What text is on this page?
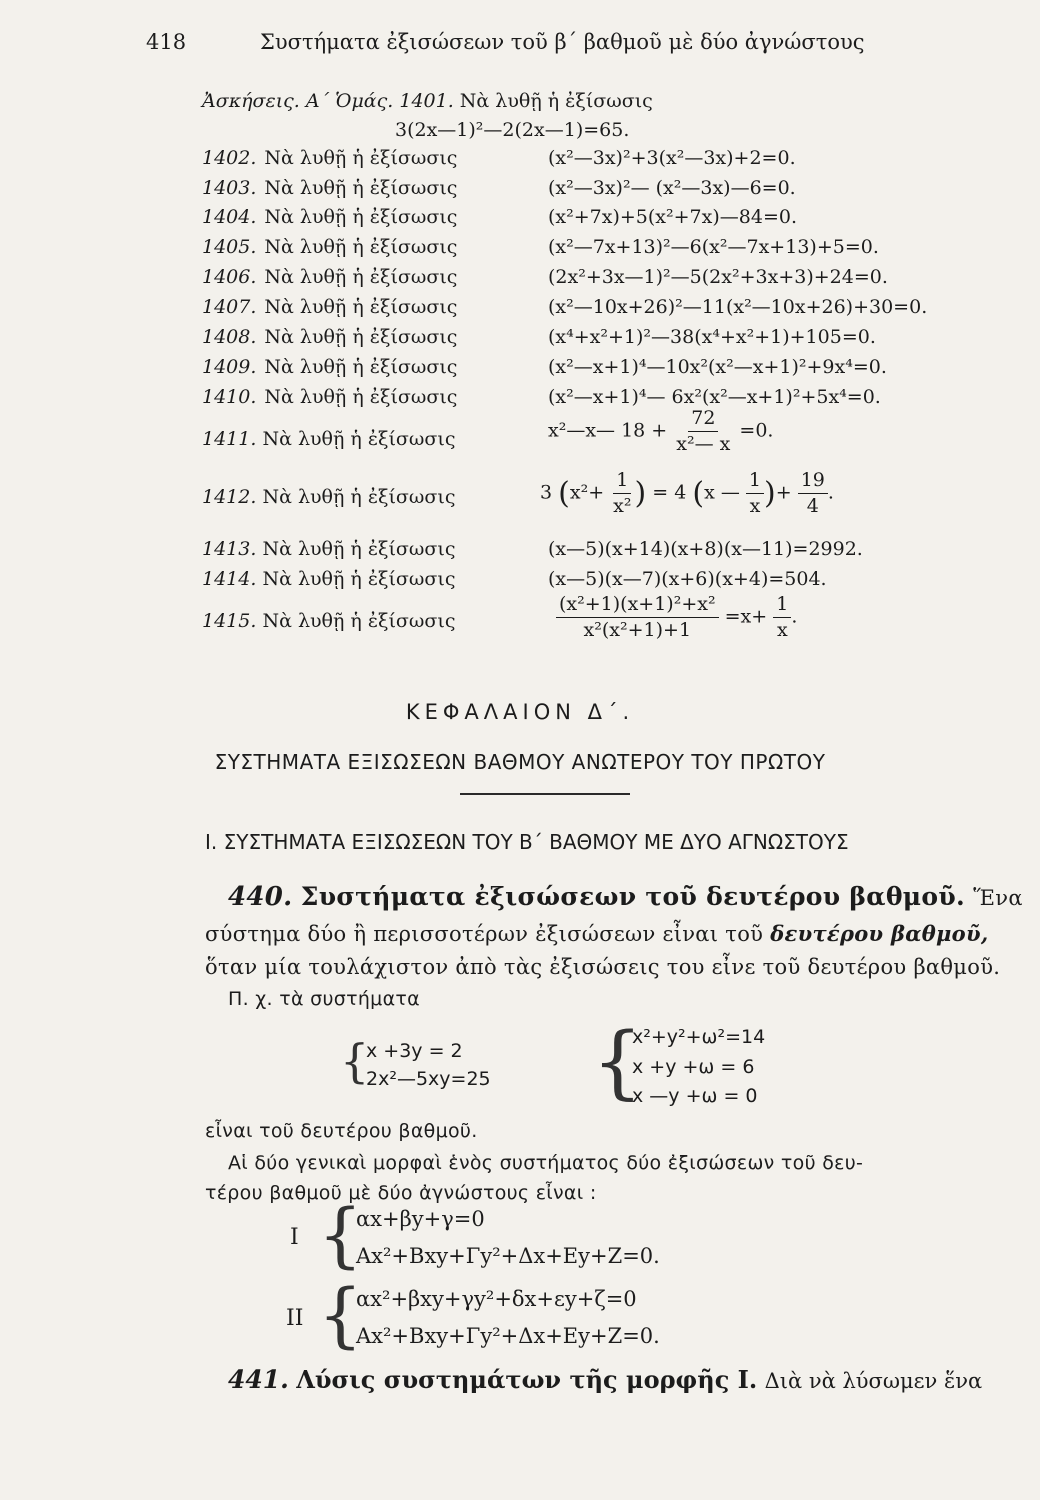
418	Συστήματα ἐξισώσεων τοῦ β΄ βαθμοῦ μὲ δύο ἀγνώστους
Ἀσκήσεις. Α΄ Ὁμάς. 1401. Νὰ λυθῇ ἡ ἐξίσωσις
3(2x—1)²—2(2x—1)=65.
1402. Νὰ λυθῇ ἡ ἐξίσωσις	(x²—3x)²+3(x²—3x)+2=0.
1403. Νὰ λυθῇ ἡ ἐξίσωσις	(x²—3x)²— (x²—3x)—6=0.
1404. Νὰ λυθῇ ἡ ἐξίσωσις	(x²+7x)+5(x²+7x)—84=0.
1405. Νὰ λυθῇ ἡ ἐξίσωσις	(x²—7x+13)²—6(x²—7x+13)+5=0.
1406. Νὰ λυθῇ ἡ ἐξίσωσις	(2x²+3x—1)²—5(2x²+3x+3)+24=0.
1407. Νὰ λυθῇ ἡ ἐξίσωσις	(x²—10x+26)²—11(x²—10x+26)+30=0.
1408. Νὰ λυθῇ ἡ ἐξίσωσις	(x⁴+x²+1)²—38(x⁴+x²+1)+105=0.
1409. Νὰ λυθῇ ἡ ἐξίσωσις	(x²—x+1)⁴—10x²(x²—x+1)²+9x⁴=0.
1410. Νὰ λυθῇ ἡ ἐξίσωσις	(x²—x+1)⁴— 6x²(x²—x+1)²+5x⁴=0.
1411. Νὰ λυθῇ ἡ ἐξίσωσις	x²—x— $18 + \frac{72}{\text{x²— x}} =0$.
1412. Νὰ λυθῇ ἡ ἐξίσωσις	3 ($x^2+ \frac{1}{\text{x²}}$ ) = 4 (x — $\frac{1}{x}$ )+ $\frac{19}{4}$ .
1413. Νὰ λυθῇ ἡ ἐξίσωσις	(x—5)(x+14)(x+8)(x—11)=2992.
1414. Νὰ λυθῇ ἡ ἐξίσωσις	(x—5)(x—7)(x+6)(x+4)=504.
1415. Νὰ λυθῇ ἡ ἐξίσωσις	$\frac{\text{(x²+1)(x+1)²+x²}}{\text{x²(x²+1)+1}} =x+ \frac{1}{x}$ .
ΚΕΦΑΛΑΙΟΝ Δ΄.
ΣΥΣΤΗΜΑΤΑ ΕΞΙΣΩΣΕΩΝ ΒΑΘΜΟΥ ΑΝΩΤΕΡΟΥ ΤΟΥ ΠΡΩΤΟΥ
Ι. ΣΥΣΤΗΜΑΤΑ ΕΞΙΣΩΣΕΩΝ ΤΟΥ Β΄ ΒΑΘΜΟΥ ΜΕ ΔΥΟ ΑΓΝΩΣΤΟΥΣ
440. Συστήματα ἐξισώσεων τοῦ δευτέρου βαθμοῦ. Ἕνα
σύστημα δύο ἢ περισσοτέρων ἐξισώσεων εἶναι τοῦ δευτέρου βαθμοῦ,
ὅταν μία τουλάχιστον ἀπὸ τὰς ἐξισώσεις του εἶνε τοῦ δευτέρου βαθμοῦ.
Π. χ. τὰ συστήματα
{
x +3y = 2
2x²—5xy=25 {
x²+y²+ω²=14
x +y +ω = 6
x —y +ω = 0
εἶναι τοῦ δευτέρου βαθμοῦ.
Αἱ δύο γενικαὶ μορφαὶ ἑνὸς συστήματος δύο ἐξισώσεων τοῦ δευ-
τέρου βαθμοῦ μὲ δύο ἀγνώστους εἶναι :
I {
αx+βy+γ=0
Ax²+Bxy+Γy²+Δx+Ey+Z=0.
II {
αx²+βxy+γy²+δx+εy+ζ=0
Ax²+Bxy+Γy²+Δx+Ey+Z=0.
441. Λύσις συστημάτων τῆς μορφῆς I. Διὰ νὰ λύσωμεν ἕνα
